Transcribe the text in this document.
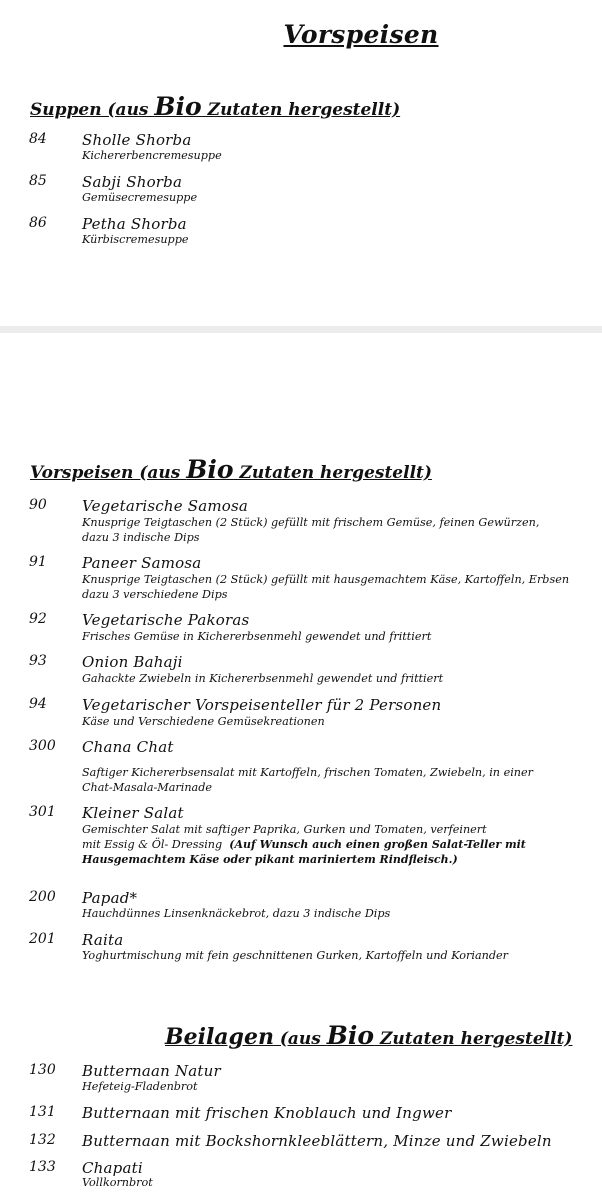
Vorspeisen
Suppen (aus Bio Zutaten hergestellt)
84 Sholle Shorba
Kichererbencremesuppe
85 Sabji Shorba
Gemüsecremesuppe
86 Petha Shorba
Kürbiscremesuppe
Vorspeisen (aus Bio Zutaten hergestellt)
90 Vegetarische Samosa
Knusprige Teigtaschen (2 Stück) gefüllt mit frischem Gemüse, feinen Gewürzen,
dazu 3 indische Dips
91 Paneer Samosa
Knusprige Teigtaschen (2 Stück) gefüllt mit hausgemachtem Käse, Kartoffeln, Erbsen
dazu 3 verschiedene Dips
92 Vegetarische Pakoras
Frisches Gemüse in Kichererbsenmehl gewendet und frittiert
93 Onion Bahaji
Gahackte Zwiebeln in Kichererbsenmehl gewendet und frittiert
94 Vegetarischer Vorspeisenteller für 2 Personen
Käse und Verschiedene Gemüsekreationen
300 Chana Chat
Saftiger Kichererbsensalat mit Kartoffeln, frischen Tomaten, Zwiebeln, in einer
Chat-Masala-Marinade
301 Kleiner Salat
Gemischter Salat mit saftiger Paprika, Gurken und Tomaten, verfeinert
mit Essig & Öl- Dressing (Auf Wunsch auch einen großen Salat-Teller mit
Hausgemachtem Käse oder pikant mariniertem Rindfleisch.)
200 Papad*
Hauchdünnes Linsenknäckebrot, dazu 3 indische Dips
201 Raita
Yoghurtmischung mit fein geschnittenen Gurken, Kartoffeln und Koriander
Beilagen (aus Bio Zutaten hergestellt)
130 Butternaan Natur
Hefeteig-Fladenbrot
131 Butternaan mit frischen Knoblauch und Ingwer
132 Butternaan mit Bockshornkleeblättern, Minze und Zwiebeln
133 Chapati
Vollkornbrot
